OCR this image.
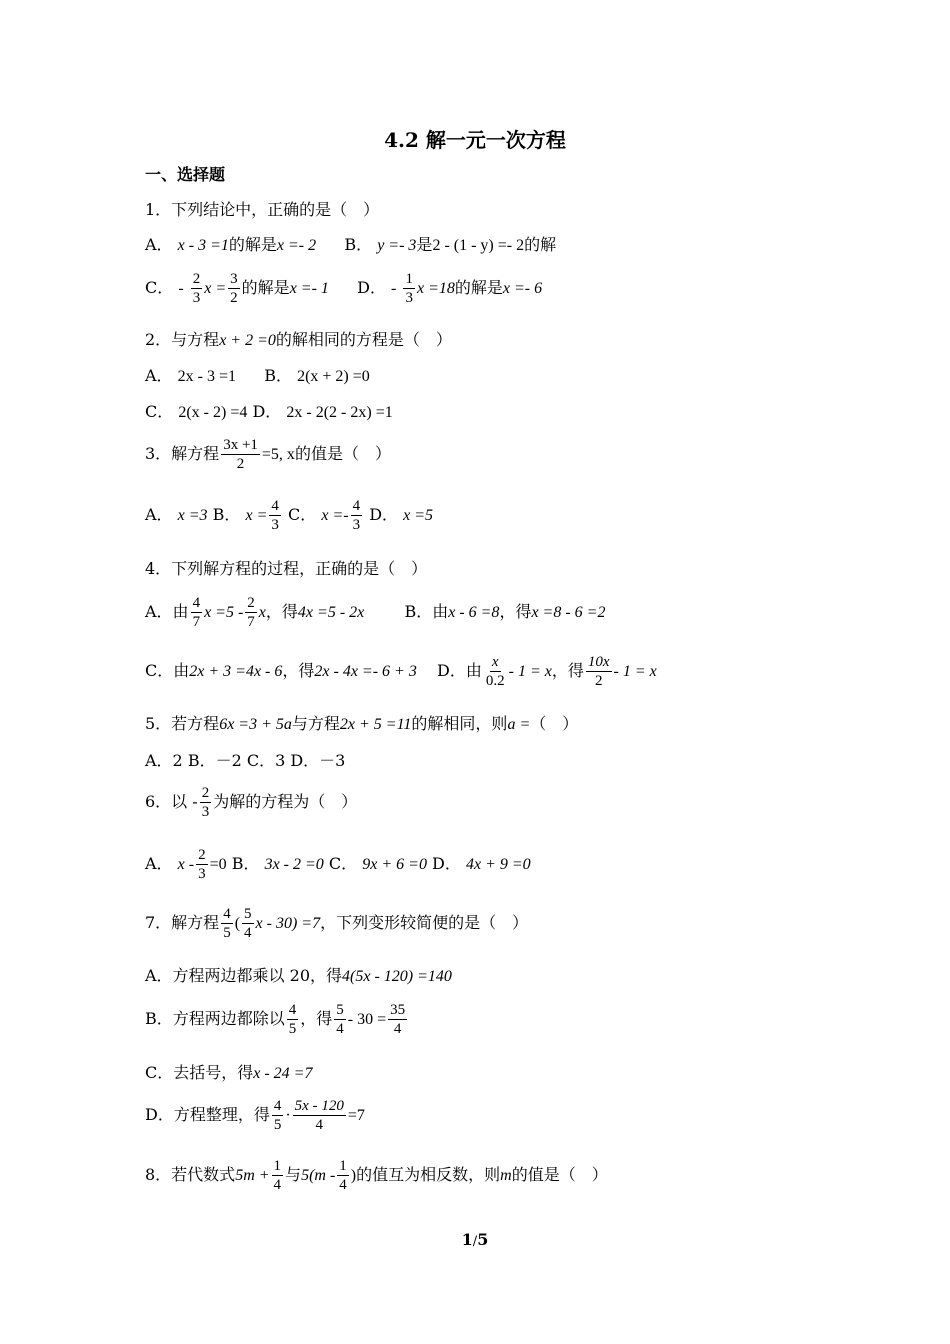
4.2 解一元一次方程
一、选择题
1．下列结论中，正确的是（　）
A． x - 3 =1的解是x =- 2 B． y =- 3是2 - (1 - y) =- 2的解
C． - $\frac{2}{3}$ $x = \frac{3}{2}$ 的解是x =- 1 D． - $\frac{1}{3}$ x =18的解是x =- 6
2．与方程x + 2 =0的解相同的方程是（　）
A． 2x - 3 =1 B． 2(x + 2) =0
C． 2(x - 2) =4 D． 2x - 2(2 - 2x) =1
3．解方程 $\frac{3x +1}{2} =5$, x的值是（　）
A． x =3 B． $x = \frac{4}{3}$ C． $x =- \frac{4}{3}$ D． x =5
4．下列解方程的过程，正确的是（　）
A．由 $\frac{4}{7}$ $x =5 - \frac{2}{7}$ x，得4x =5 - 2x	B．由x - 6 =8，得x =8 - 6 =2
C．由2x + 3 =4x - 6，得2x - 4x =- 6 + 3 D．由 $\frac{x}{0.2} - 1 = x$，得 $\frac{10x}{2} - 1 = x$
5．若方程6x =3 + 5a与方程2x + 5 =11的解相同，则a =（　）
A．2 B．－2 C．3 D．－3
6．以 - $\frac{2}{3}$ 为解的方程为（　）
A． $x - \frac{2}{3} =0$ B． 3x - 2 =0 C． 9x + 6 =0 D． 4x + 9 =0
7．解方程 $\frac{4}{5}$ ( $\frac{5}{4}$ x - 30) =7，下列变形较简便的是（　）
A．方程两边都乘以 20，得4(5x - 120) =140
B．方程两边都除以 $\frac{4}{5}$ ，得 $\frac{5}{4} - 30 = \frac{35}{4}$
C．去括号，得x - 24 =7
D．方程整理，得 $\frac{4}{5} \cdot \frac{5x - 120}{4} =7$
8．若代数式$5m + \frac{1}{4}$ 与$5(m - \frac{1}{4}$ )的值互为相反数，则m的值是（　）
1/5
